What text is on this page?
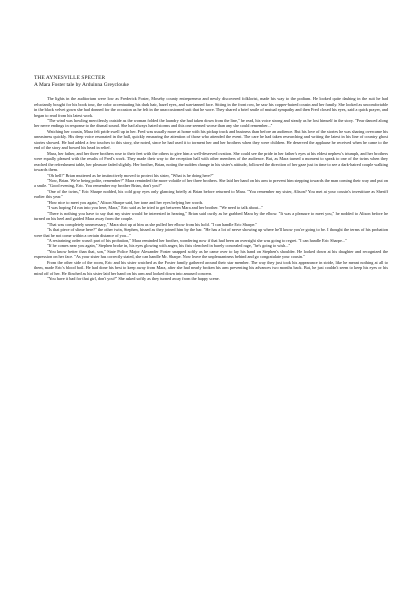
THE AYNESVILLE SPECTER
A Mara Foster tale by Arduinna Greyclouke

The lights in the auditorium were low as Frederick Foster, Moseby county entrepreneur and newly discovered folklorist, made his way to the podium. He looked quite dashing in the suit he had reluctantly bought for his book tour, the color accentuating his dark hair, hazel eyes, and sun-tanned face. Sitting in the front row, he saw his copper-haired cousin and her family. She looked as uncomfortable in the black velvet gown she had donned for the occasion as he felt in the unaccustomed suit that he wore. They shared a brief smile of mutual sympathy and then Fred closed his eyes, said a quick prayer, and began to read from his latest work.

"The wind was howling mercilessly outside as the woman folded the laundry she had taken down from the line," he read, his voice strong and steady as he lost himself in the story. "Fear danced along her nerve endings in response to the dismal sound. She had always hated storms and this one seemed worse than any she could remember..."

Watching her cousin, Mara felt pride swell up in her. Fred was usually more at home with his pickup truck and business than before an audience. But his love of the stories he was sharing overcame his uneasiness quickly. His deep voice resonated in the hall, quickly ensnaring the attention of those who attended the event. The care he had taken researching and writing the latest in his line of country ghost stories showed. He had added a few touches to this story, she noted, since he had used it to torment her and her brothers when they were children. He deserved the applause he received when he came to the end of the story and bowed his head in relief.

Mara, her father, and her three brothers rose to their feet with the others to give him a well-deserved ovation. She could see the pride in her father's eyes at his eldest nephew's triumph, and her brothers were equally pleased with the results of Fred's work. They made their way to the reception hall with other members of the audience. But, as Mara turned a moment to speak to one of the twins when they reached the refreshment table, her pleasure faded slightly. Her brother, Brian, noting the sudden change in his sister's attitude, followed the direction of her gaze just in time to see a dark-haired couple walking towards them.

"Oh hell!" Brian muttered as he instinctively moved to protect his sister, "What is he doing here?"

"Now, Brian. We're being polite, remember?" Mara reminded the more volatile of her three brothers. She laid her hand on his arm to prevent him stepping towards the man coming their way and put on a smile. "Good evening, Eric. You remember my brother Brian, don't you?"

"One of the twins," Eric Sharpe nodded, his cold gray eyes only glancing briefly at Brian before returned to Mara. "You remember my sister, Alison? You met at your cousin's investiture as Sheriff earlier this year."

"How nice to meet you again," Alison Sharpe said, her tone and her eyes belying her words.

"I was hoping I'd run into you here, Mara," Eric said as he tried to get between Mara and her brother. "We need to talk about..."

"There is nothing you have to say that my sister would be interested in hearing," Brian said curtly as he grabbed Mara by the elbow. "It was a pleasure to meet you," he nodded to Alison before he turned on his heel and guided Mara away from the couple.

"That was completely unnecessary," Mara shot up at him as she pulled her elbow from his hold. "I can handle Eric Sharpe."

"Is that piece of slime here?" the other twin, Stephen, hissed as they joined him by the bar. "He has a lot of nerve showing up where he'll know you're going to be. I thought the terms of his probation were that he not come within a certain distance of you..."

"A restraining order wasn't part of his probation," Mara reminded her brother, wondering now if that had been an oversight she was going to regret. "I can handle Eric Sharpe..."

"If he comes near you again," Stephen broke in, his eyes glowing with anger, his fists clenched in barely concealed rage, "he's going to wish..."

"You know better than that, son," State Police Major Alexander Foster snapped softly as he came over to lay his hand on Stephen's shoulder. He looked down at his daughter and recognized the expression on her face. "As your sister has correctly stated, she can handle Mr. Sharpe. Now leave the unpleasantness behind and go congratulate your cousin."

From the other side of the room, Eric and his sister watched as the Foster family gathered around their star member. The way they just took his appearance in stride, like he meant nothing at all to them, made Eric's blood boil. He had done his best to keep away from Mara, after she had nearly broken his arm preventing his advances two months back. But, he just couldn't seem to keep his eyes or his mind off of her. He flinched as his sister laid her hand on his arm and looked down into amused concern.

"You have it bad for that girl, don't you?" She asked softly as they turned away from the happy scene.
